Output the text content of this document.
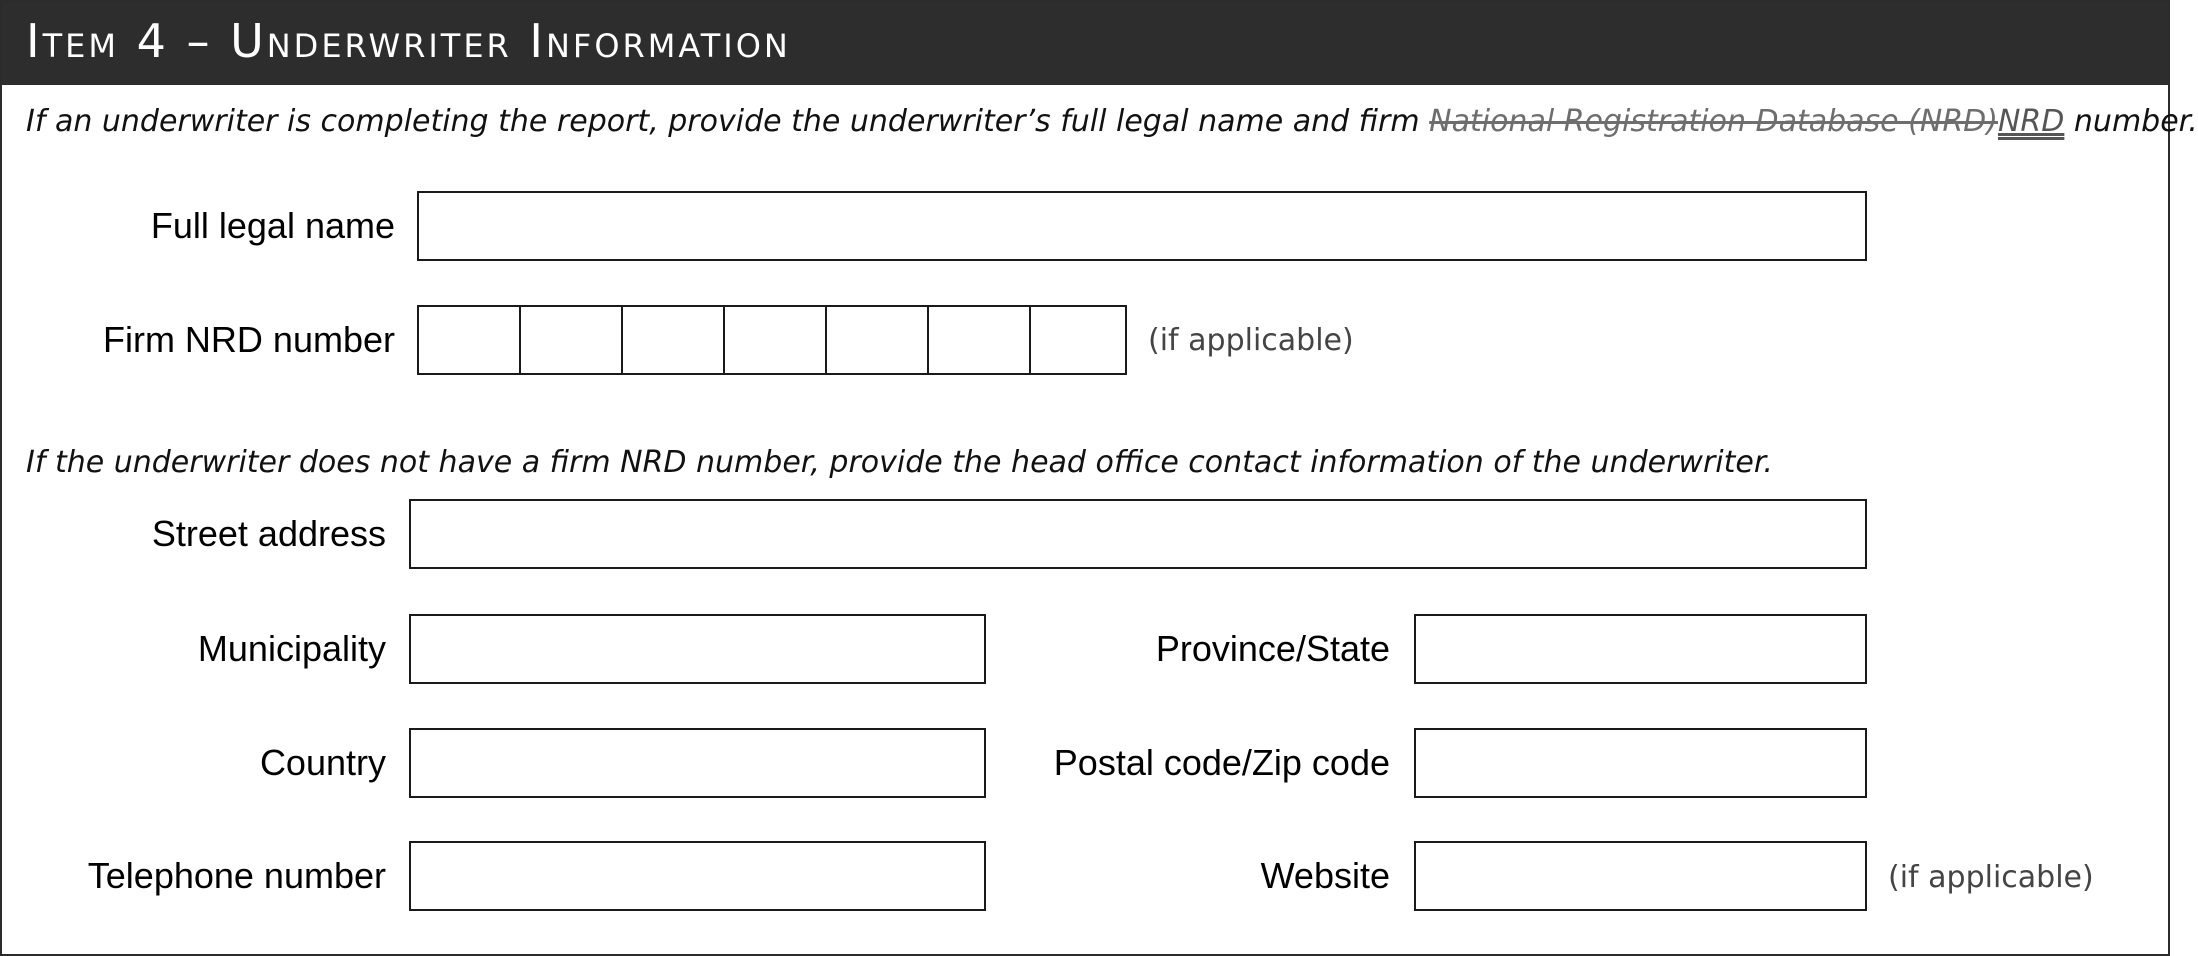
Item 4 – Underwriter Information
If an underwriter is completing the report, provide the underwriter’s full legal name and firm National Registration Database (NRD)NRD number.
Full legal name
Firm NRD number	(if applicable)
If the underwriter does not have a firm NRD number, provide the head office contact information of the underwriter.
Street address
Municipality	Province/State
Country	Postal code/Zip code
Telephone number	Website	(if applicable)
